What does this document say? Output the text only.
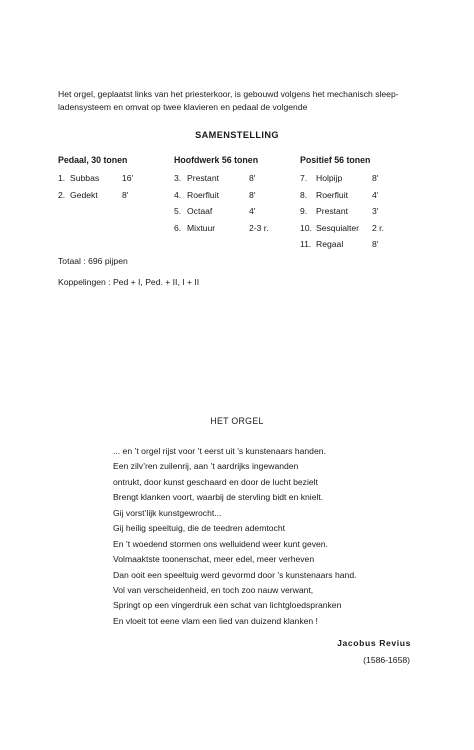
Het orgel, geplaatst links van het priesterkoor, is gebouwd volgens het mechanisch sleep-
ladensysteem en omvat op twee klavieren en pedaal de volgende
SAMENSTELLING
Pedaal, 30 tonen
1. Subbas	16′
2. Gedekt	8′
Hoofdwerk 56 tonen
3. Prestant	8′
4. Roerfluit	8′
5. Octaaf	4′
6. Mixtuur	2-3 r.
Positief 56 tonen
7. Holpijp	8′
8. Roerfluit	4′
9. Prestant	3′
10. Sesquialter 2 r.
11. Regaal	8′
Totaal : 696 pijpen
Koppelingen : Ped + I, Ped. + II, I + II
HET ORGEL
... en ’t orgel rijst voor ’t eerst uit ’s kunstenaars handen.
Een zilv’ren zuilenrij, aan ’t aardrijks ingewanden
ontrukt, door kunst geschaard en door de lucht bezielt
Brengt klanken voort, waarbij de stervling bidt en knielt.
Gij vorst’lijk kunstgewrocht...
Gij heilig speeltuig, die de teedren ademtocht
En ’t woedend stormen ons welluidend weer kunt geven.
Volmaaktste toonenschat, meer edel, meer verheven
Dan ooit een speeltuig werd gevormd door ’s kunstenaars hand.
Vol van verscheidenheid, en toch zoo nauw verwant,
Springt op een vingerdruk een schat van lichtgloedspranken
En vloeit tot eene vlam een lied van duizend klanken !
Jacobus Revius
(1586-1658)
